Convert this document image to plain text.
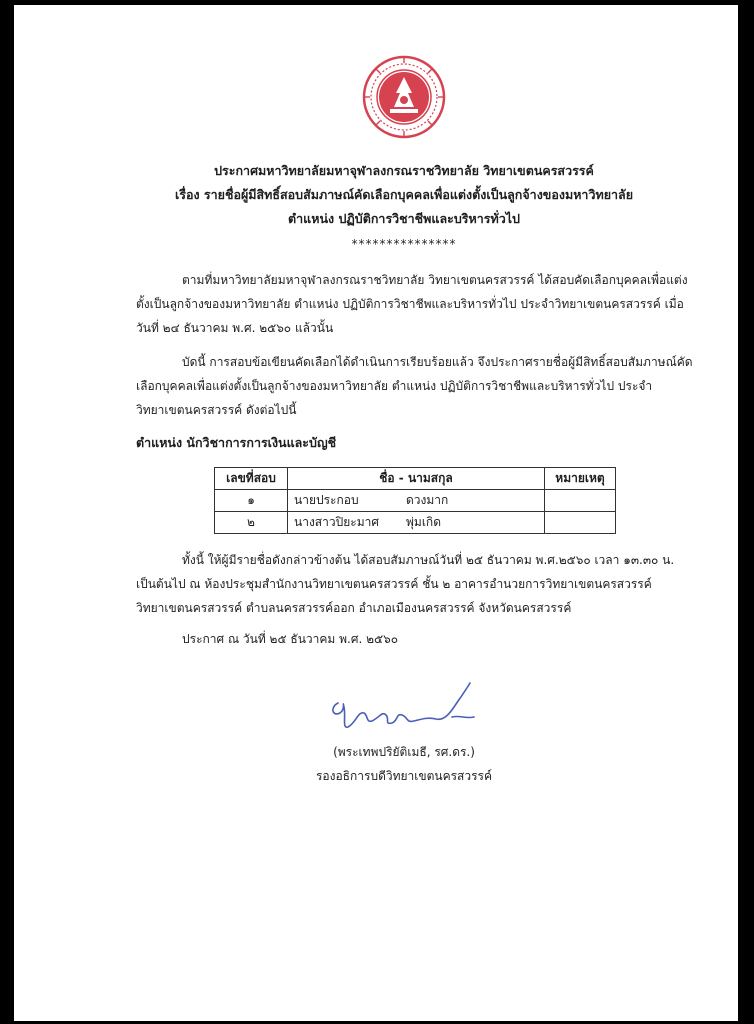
ประกาศมหาวิทยาลัยมหาจุฬาลงกรณราชวิทยาลัย วิทยาเขตนครสวรรค์
เรื่อง รายชื่อผู้มีสิทธิ์สอบสัมภาษณ์คัดเลือกบุคคลเพื่อแต่งตั้งเป็นลูกจ้างของมหาวิทยาลัย
ตำแหน่ง ปฏิบัติการวิชาชีพและบริหารทั่วไป
***************
ตามที่มหาวิทยาลัยมหาจุฬาลงกรณราชวิทยาลัย วิทยาเขตนครสวรรค์ ได้สอบคัดเลือกบุคคลเพื่อแต่งตั้งเป็นลูกจ้างของมหาวิทยาลัย ตำแหน่ง ปฏิบัติการวิชาชีพและบริหารทั่วไป ประจำวิทยาเขตนครสวรรค์ เมื่อวันที่ ๒๔ ธันวาคม พ.ศ. ๒๕๖๐ แล้วนั้น
บัดนี้ การสอบข้อเขียนคัดเลือกได้ดำเนินการเรียบร้อยแล้ว จึงประกาศรายชื่อผู้มีสิทธิ์สอบสัมภาษณ์คัดเลือกบุคคลเพื่อแต่งตั้งเป็นลูกจ้างของมหาวิทยาลัย ตำแหน่ง ปฏิบัติการวิชาชีพและบริหารทั่วไป ประจำวิทยาเขตนครสวรรค์ ดังต่อไปนี้
ตำแหน่ง นักวิชาการการเงินและบัญชี
เลขที่สอบ	ชื่อ - นามสกุล	หมายเหตุ
๑	นายประกอบ ดวงมาก	
๒	นางสาวปิยะมาศ พุ่มเกิด	
ทั้งนี้ ให้ผู้มีรายชื่อดังกล่าวข้างต้น ได้สอบสัมภาษณ์วันที่ ๒๕ ธันวาคม พ.ศ.๒๕๖๐ เวลา ๑๓.๓๐ น. เป็นต้นไป ณ ห้องประชุมสำนักงานวิทยาเขตนครสวรรค์ ชั้น ๒ อาคารอำนวยการวิทยาเขตนครสวรรค์ วิทยาเขตนครสวรรค์ ตำบลนครสวรรค์ออก อำเภอเมืองนครสวรรค์ จังหวัดนครสวรรค์
ประกาศ ณ วันที่ ๒๕ ธันวาคม พ.ศ. ๒๕๖๐
(พระเทพปริยัติเมธี, รศ.ดร.)
รองอธิการบดีวิทยาเขตนครสวรรค์
